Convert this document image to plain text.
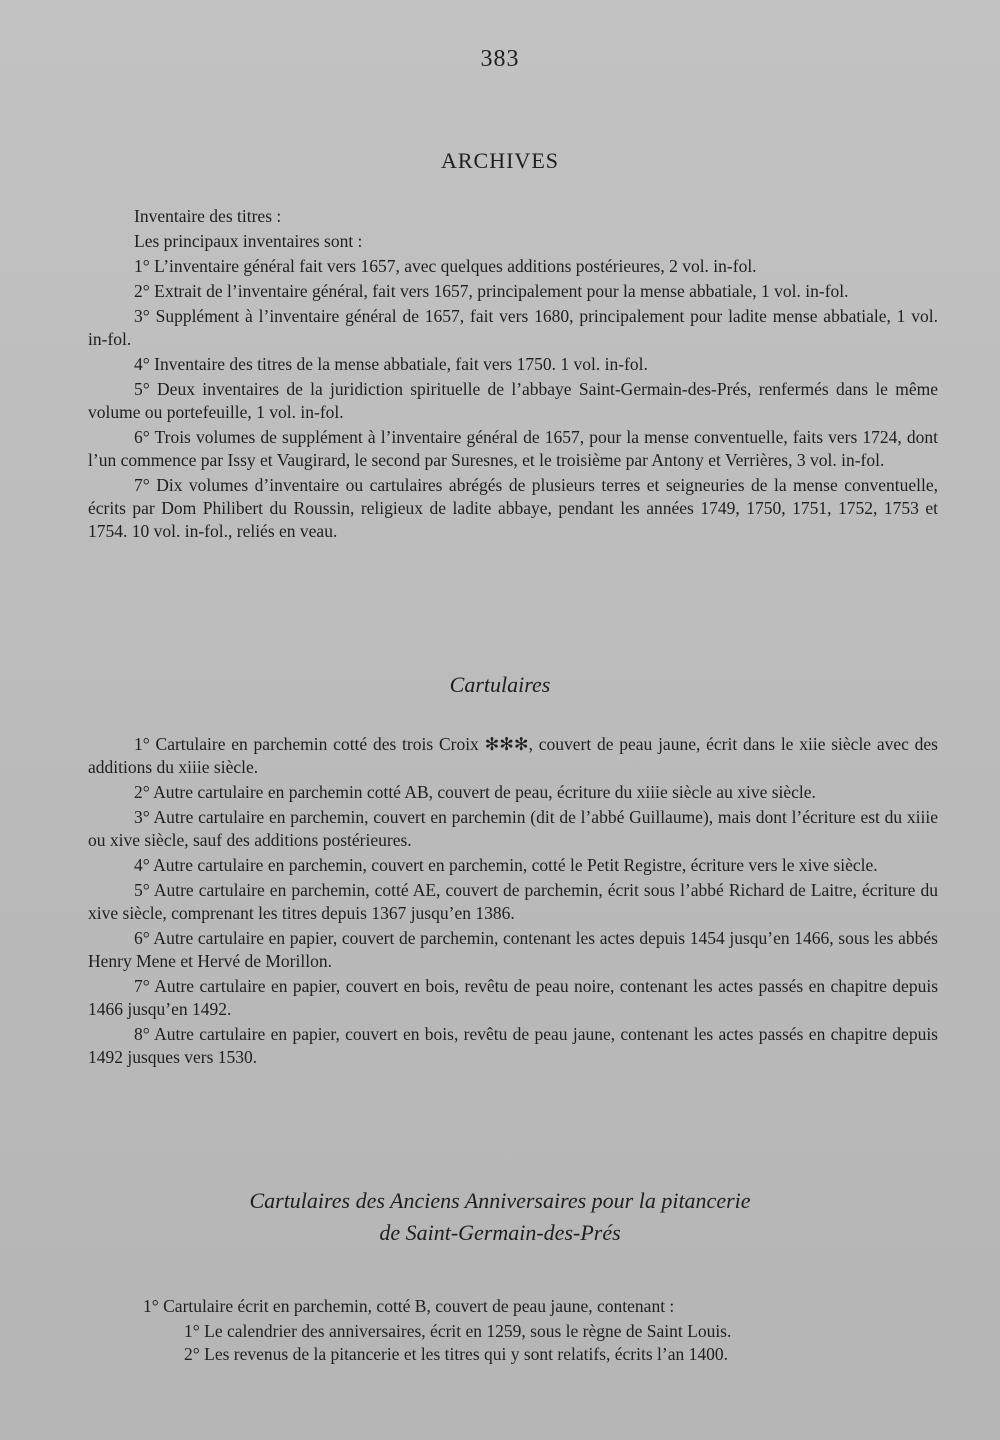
383
ARCHIVES

Inventaire des titres :

Les principaux inventaires sont :

1° L’inventaire général fait vers 1657, avec quelques additions postérieures, 2 vol. in-fol.

2° Extrait de l’inventaire général, fait vers 1657, principalement pour la mense abbatiale, 1 vol. in-fol.

3° Supplément à l’inventaire général de 1657, fait vers 1680, principalement pour ladite mense abbatiale, 1 vol. in-fol.

4° Inventaire des titres de la mense abbatiale, fait vers 1750. 1 vol. in-fol.

5° Deux inventaires de la juridiction spirituelle de l’abbaye Saint-Germain-des-Prés, renfermés dans le même volume ou portefeuille, 1 vol. in-fol.

6° Trois volumes de supplément à l’inventaire général de 1657, pour la mense conventuelle, faits vers 1724, dont l’un commence par Issy et Vaugirard, le second par Suresnes, et le troisième par Antony et Verrières, 3 vol. in-fol.

7° Dix volumes d’inventaire ou cartulaires abrégés de plusieurs terres et seigneuries de la mense conventuelle, écrits par Dom Philibert du Roussin, religieux de ladite abbaye, pendant les années 1749, 1750, 1751, 1752, 1753 et 1754. 10 vol. in-fol., reliés en veau.

Cartulaires

1° Cartulaire en parchemin cotté des trois Croix ✻✻✻, couvert de peau jaune, écrit dans le xiie siècle avec des additions du xiiie siècle.

2° Autre cartulaire en parchemin cotté AB, couvert de peau, écriture du xiiie siècle au xive siècle.

3° Autre cartulaire en parchemin, couvert en parchemin (dit de l’abbé Guillaume), mais dont l’écriture est du xiiie ou xive siècle, sauf des additions postérieures.

4° Autre cartulaire en parchemin, couvert en parchemin, cotté le Petit Registre, écriture vers le xive siècle.

5° Autre cartulaire en parchemin, cotté AE, couvert de parchemin, écrit sous l’abbé Richard de Laitre, écriture du xive siècle, comprenant les titres depuis 1367 jusqu’en 1386.

6° Autre cartulaire en papier, couvert de parchemin, contenant les actes depuis 1454 jusqu’en 1466, sous les abbés Henry Mene et Hervé de Morillon.

7° Autre cartulaire en papier, couvert en bois, revêtu de peau noire, contenant les actes passés en chapitre depuis 1466 jusqu’en 1492.

8° Autre cartulaire en papier, couvert en bois, revêtu de peau jaune, contenant les actes passés en chapitre depuis 1492 jusques vers 1530.

Cartulaires des Anciens Anniversaires pour la pitancerie
de Saint-Germain-des-Prés

1° Cartulaire écrit en parchemin, cotté B, couvert de peau jaune, contenant :

1° Le calendrier des anniversaires, écrit en 1259, sous le règne de Saint Louis.

2° Les revenus de la pitancerie et les titres qui y sont relatifs, écrits l’an 1400.
